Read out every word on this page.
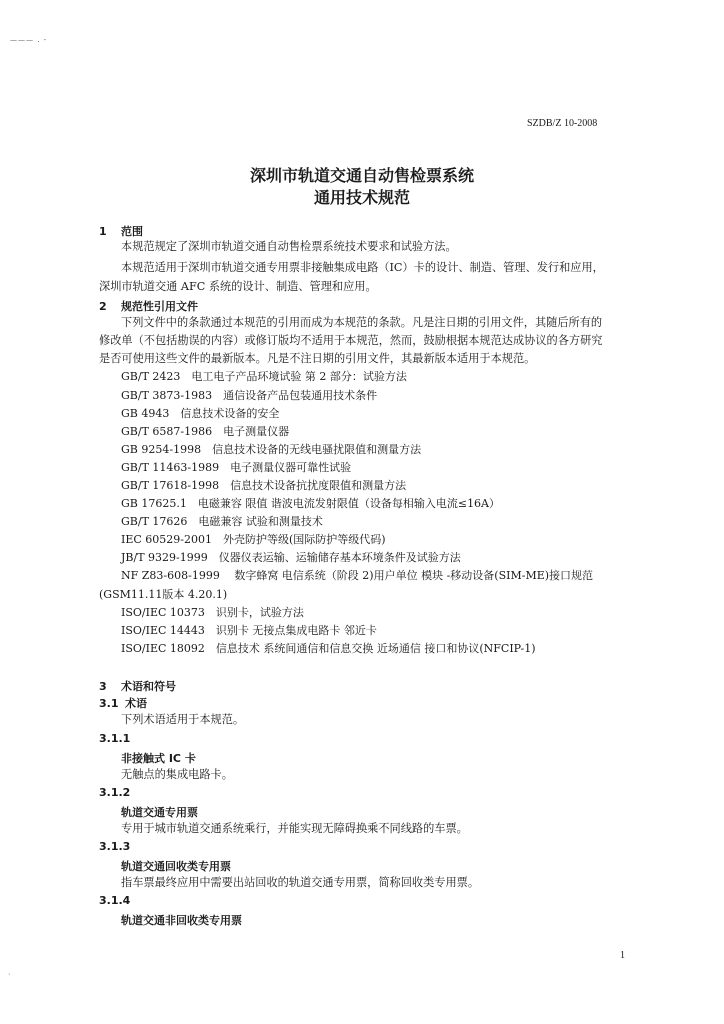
——— . -
SZDB/Z 10-2008
深圳市轨道交通自动售检票系统
通用技术规范
1 范围
本规范规定了深圳市轨道交通自动售检票系统技术要求和试验方法。
本规范适用于深圳市轨道交通专用票非接触集成电路（IC）卡的设计、制造、管理、发行和应用，
深圳市轨道交通 AFC 系统的设计、制造、管理和应用。
2 规范性引用文件
下列文件中的条款通过本规范的引用而成为本规范的条款。凡是注日期的引用文件，其随后所有的
修改单（不包括勘误的内容）或修订版均不适用于本规范，然而，鼓励根据本规范达成协议的各方研究
是否可使用这些文件的最新版本。凡是不注日期的引用文件，其最新版本适用于本规范。
GB/T 2423　电工电子产品环境试验 第 2 部分：试验方法
GB/T 3873-1983　通信设备产品包装通用技术条件
GB 4943　信息技术设备的安全
GB/T 6587-1986　电子测量仪器
GB 9254-1998　信息技术设备的无线电骚扰限值和测量方法
GB/T 11463-1989　电子测量仪器可靠性试验
GB/T 17618-1998　信息技术设备抗扰度限值和测量方法
GB 17625.1　电磁兼容 限值 谐波电流发射限值（设备每相输入电流≤16A）
GB/T 17626　电磁兼容 试验和测量技术
IEC 60529-2001　外壳防护等级(国际防护等级代码)
JB/T 9329-1999　仪器仪表运输、运输储存基本环境条件及试验方法
NF Z83-608-1999　 数字蜂窝 电信系统（阶段 2)用户单位 模块 -移动设备(SIM-ME)接口规范
(GSM11.11版本 4.20.1)
ISO/IEC 10373　识别卡，试验方法
ISO/IEC 14443　识别卡 无接点集成电路卡 邻近卡
ISO/IEC 18092　信息技术 系统间通信和信息交换 近场通信 接口和协议(NFCIP-1)
3 术语和符号
3.1 术语
下列术语适用于本规范。
3.1.1
非接触式 IC 卡
无触点的集成电路卡。
3.1.2
轨道交通专用票
专用于城市轨道交通系统乘行，并能实现无障碍换乘不同线路的车票。
3.1.3
轨道交通回收类专用票
指车票最终应用中需要出站回收的轨道交通专用票，简称回收类专用票。
3.1.4
轨道交通非回收类专用票
1
·
